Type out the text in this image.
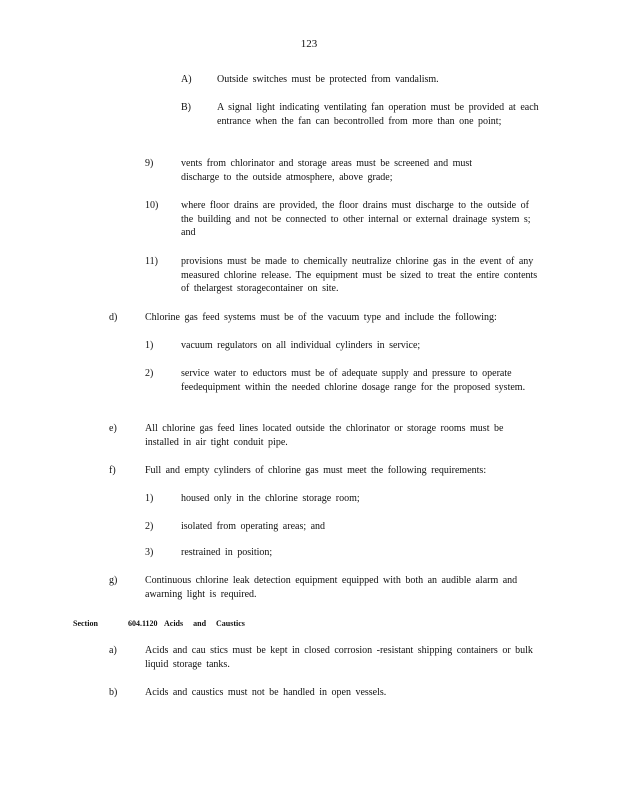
123
A)	Outside switches must be protected from vandalism.
B)	A signal light indicating ventilating fan operation must be provided at each entrance when the fan can becontrolled from more than one point;
9)	vents from chlorinator and storage areas must be screened and must discharge to the outside atmosphere, above grade;
10) where floor drains are provided, the floor drains must discharge to the outside of the building and not be connected to other internal or external drainage system s; and
11) provisions must be made to chemically neutralize chlorine gas in the event of any measured chlorine release. The equipment must be sized to treat the entire contents of thelargest storagecontainer on site.
d)	Chlorine gas feed systems must be of the vacuum type and include the following:
1)	vacuum regulators on all individual cylinders in service;
2)	service water to eductors must be of adequate supply and pressure to operate feedequipment within the needed chlorine dosage range for the proposed system.
e)	All chlorine gas feed lines located outside the chlorinator or storage rooms must be installed in air tight conduit pipe.
f)	Full and empty cylinders of chlorine gas must meet the following requirements:
1)	housed only in the chlorine storage room;
2)	isolated from operating areas; and
3)	restrained in position;
g)	Continuous chlorine leak detection equipment equipped with both an audible alarm and awarning light is required.
Section	604.1120 Acids     and     Caustics
a)	Acids and cau stics must be kept in closed corrosion -resistant shipping containers or bulk liquid storage tanks.
b)	Acids and caustics must not be handled in open vessels.
